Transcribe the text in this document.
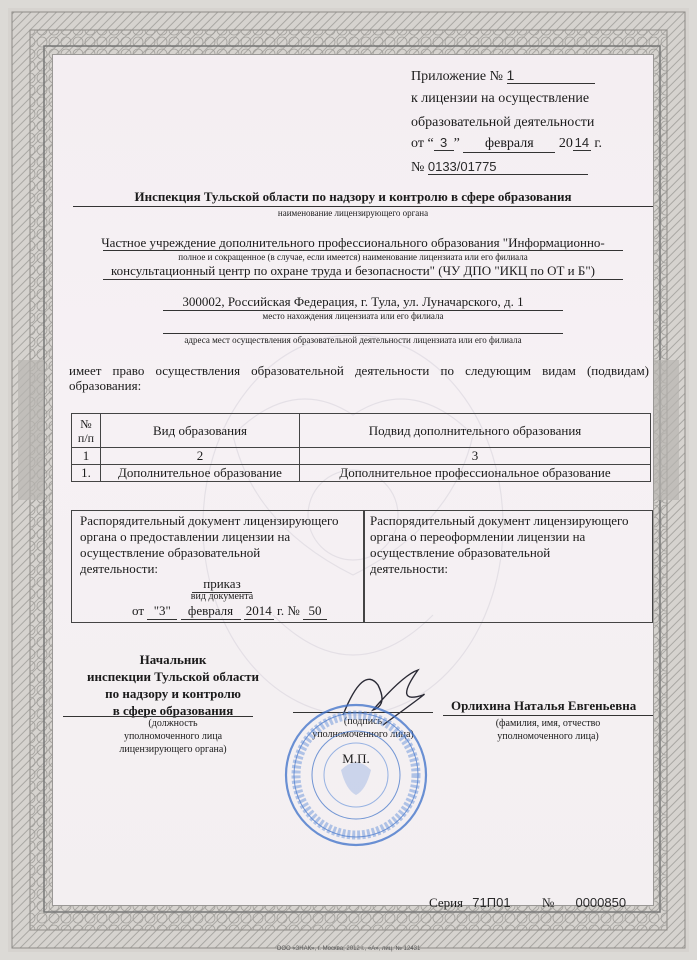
Приложение № 1
к лицензии на осуществление
образовательной деятельности
от “ 3 ” февраля 20 14 г.
№ 0133/01775
Инспекция Тульской области по надзору и контролю в сфере образования
наименование лицензирующего органа
Частное учреждение дополнительного профессионального образования "Информационно-
полное и сокращенное (в случае, если имеется) наименование лицензиата или его филиала
консультационный центр по охране труда и безопасности" (ЧУ ДПО "ИКЦ по ОТ и Б")
300002, Российская Федерация, г. Тула, ул. Луначарского, д. 1
место нахождения лицензиата или его филиала
адреса мест осуществления образовательной деятельности лицензиата или его филиала
имеет право осуществления образовательной деятельности по следующим видам (подвидам)
образования:
№
п/п	Вид образования	Подвид дополнительного образования
1	2	3
1.	Дополнительное образование	Дополнительное профессиональное образование
Распорядительный документ лицензирующего
органа о предоставлении лицензии на
осуществление образовательной
деятельности:
приказ
вид документа
от "3" февраля 2014 г. № 50
Распорядительный документ лицензирующего
органа о переоформлении лицензии на
осуществление образовательной
деятельности:
Начальник
инспекции Тульской области
по надзору и контролю
в сфере образования
(должность
уполномоченного лица
лицензирующего органа)
(подпись
уполномоченного лица)
М.П.
Орлихина Наталья Евгеньевна
(фамилия, имя, отчество
уполномоченного лица)
Серия 71П01 № 0000850
ООО «ЗНАК», г. Москва, 2012 г., «А», лиц. № 12431
